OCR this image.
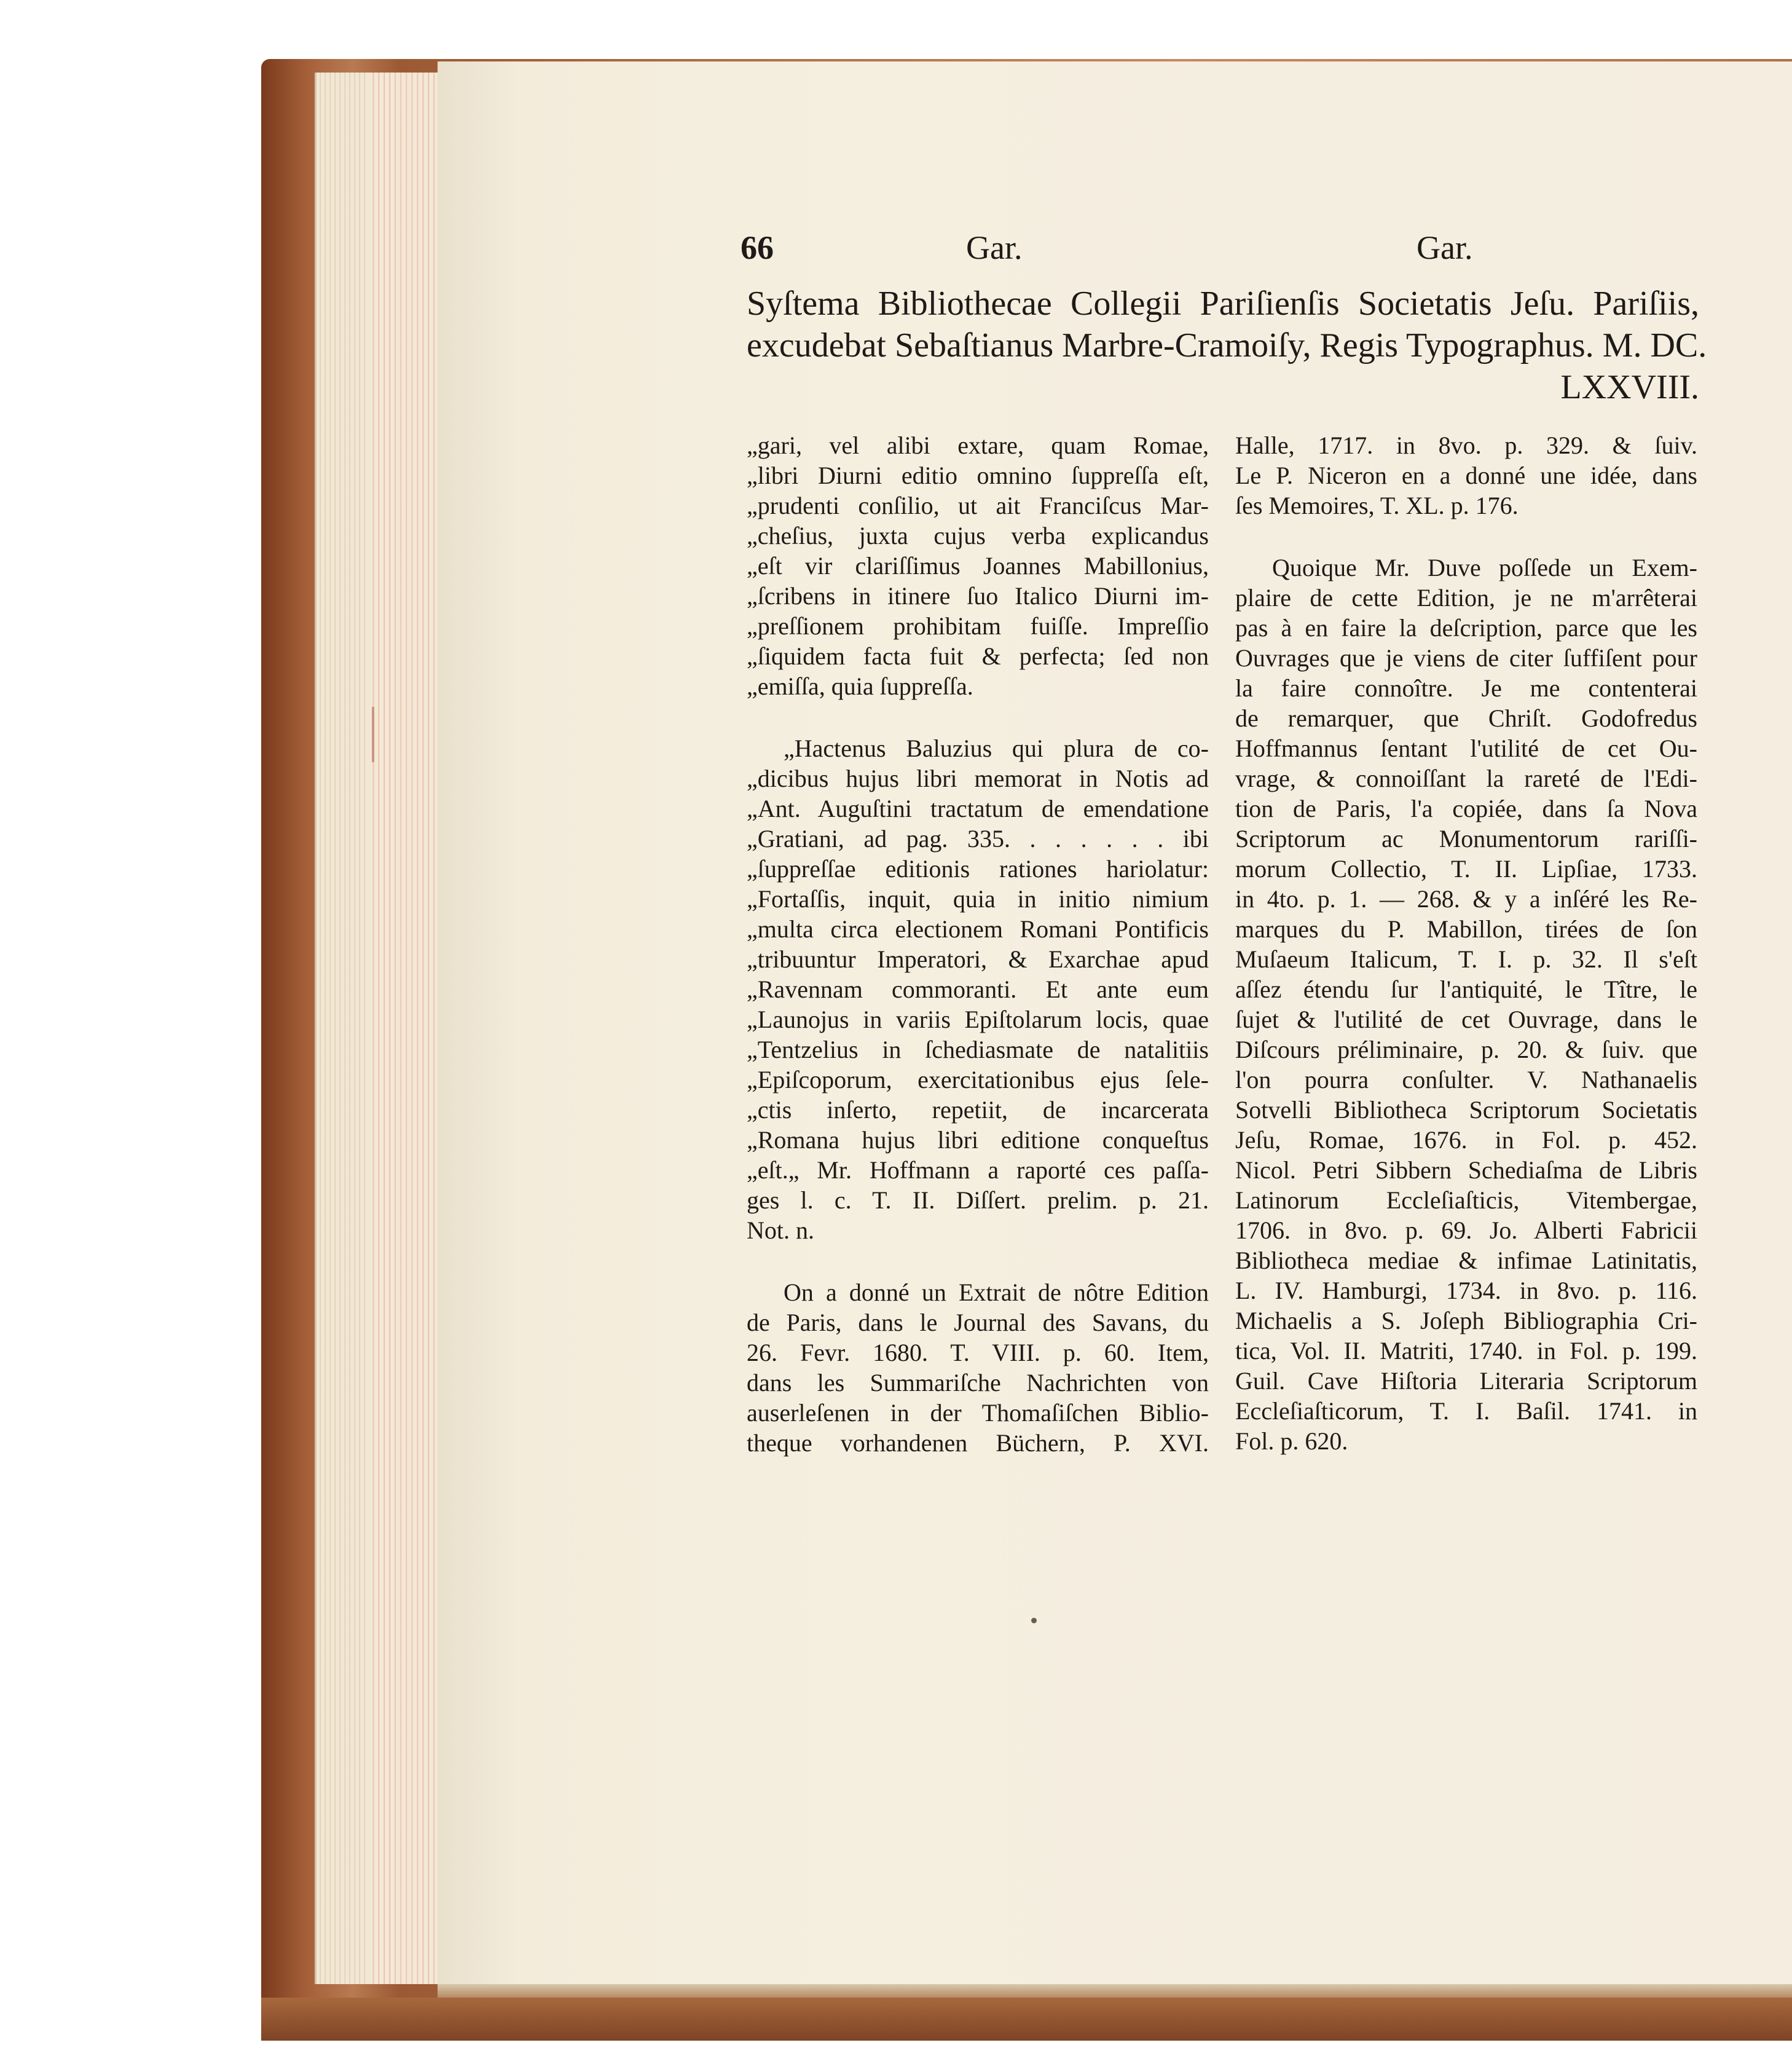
66	Gar.	Gar.
Syſtema Bibliothecae Collegii Pariſienſis Societatis Jeſu. Pariſiis,
excudebat Sebaſtianus Marbre-Cramoiſy, Regis Typographus. M. DC.
LXXVIII.
„gari, vel alibi extare, quam Romae,
„libri Diurni editio omnino ſuppreſſa eſt,
„prudenti conſilio, ut ait Franciſcus Mar-
„cheſius, juxta cujus verba explicandus
„eſt vir clariſſimus Joannes Mabillonius,
„ſcribens in itinere ſuo Italico Diurni im-
„preſſionem prohibitam fuiſſe. Impreſſio
„ſiquidem facta fuit & perfecta; ſed non
„emiſſa, quia ſuppreſſa.
„Hactenus Baluzius qui plura de co-
„dicibus hujus libri memorat in Notis ad
„Ant. Auguſtini tractatum de emendatione
„Gratiani, ad pag. 335. . . . . . . ibi
„ſuppreſſae editionis rationes hariolatur:
„Fortaſſis, inquit, quia in initio nimium
„multa circa electionem Romani Pontificis
„tribuuntur Imperatori, & Exarchae apud
„Ravennam commoranti. Et ante eum
„Launojus in variis Epiſtolarum locis, quae
„Tentzelius in ſchediasmate de natalitiis
„Epiſcoporum, exercitationibus ejus ſele-
„ctis inſerto, repetiit, de incarcerata
„Romana hujus libri editione conqueſtus
„eſt.„ Mr. Hoffmann a raporté ces paſſa-
ges l. c. T. II. Diſſert. prelim. p. 21.
Not. n.
On a donné un Extrait de nôtre Edition
de Paris, dans le Journal des Savans, du
26. Fevr. 1680. T. VIII. p. 60. Item,
dans les Summariſche Nachrichten von
auserleſenen in der Thomaſiſchen Biblio-
theque vorhandenen Büchern, P. XVI.
Halle, 1717. in 8vo. p. 329. & ſuiv.
Le P. Niceron en a donné une idée, dans
ſes Memoires, T. XL. p. 176.
Quoique Mr. Duve poſſede un Exem-
plaire de cette Edition, je ne m'arrêterai
pas à en faire la deſcription, parce que les
Ouvrages que je viens de citer ſuffiſent pour
la faire connoître. Je me contenterai
de remarquer, que Chriſt. Godofredus
Hoffmannus ſentant l'utilité de cet Ou-
vrage, & connoiſſant la rareté de l'Edi-
tion de Paris, l'a copiée, dans ſa Nova
Scriptorum ac Monumentorum rariſſi-
morum Collectio, T. II. Lipſiae, 1733.
in 4to. p. 1. — 268. & y a inſéré les Re-
marques du P. Mabillon, tirées de ſon
Muſaeum Italicum, T. I. p. 32. Il s'eſt
aſſez étendu ſur l'antiquité, le Tître, le
ſujet & l'utilité de cet Ouvrage, dans le
Diſcours préliminaire, p. 20. & ſuiv. que
l'on pourra conſulter. V. Nathanaelis
Sotvelli Bibliotheca Scriptorum Societatis
Jeſu, Romae, 1676. in Fol. p. 452.
Nicol. Petri Sibbern Schediaſma de Libris
Latinorum Eccleſiaſticis, Vitembergae,
1706. in 8vo. p. 69. Jo. Alberti Fabricii
Bibliotheca mediae & infimae Latinitatis,
L. IV. Hamburgi, 1734. in 8vo. p. 116.
Michaelis a S. Joſeph Bibliographia Cri-
tica, Vol. II. Matriti, 1740. in Fol. p. 199.
Guil. Cave Hiſtoria Literaria Scriptorum
Eccleſiaſticorum, T. I. Baſil. 1741. in
Fol. p. 620.
